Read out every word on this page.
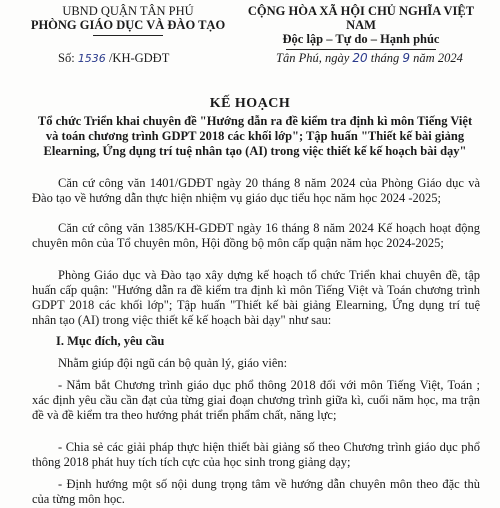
UBND QUẬN TÂN PHÚ
PHÒNG GIÁO DỤC VÀ ĐÀO TẠO
CỘNG HÒA XÃ HỘI CHỦ NGHĨA VIỆT NAM
Độc lập – Tự do – Hạnh phúc
Số: 1536 /KH-GDĐT	Tân Phú, ngày 20 tháng 9 năm 2024
KẾ HOẠCH
Tổ chức Triển khai chuyên đề "Hướng dẫn ra đề kiểm tra định kì môn Tiếng Việt và toán chương trình GDPT 2018 các khối lớp"; Tập huấn "Thiết kế bài giảng Elearning, Ứng dụng trí tuệ nhân tạo (AI) trong việc thiết kế kế hoạch bài dạy"
Căn cứ công văn 1401/GDĐT ngày 20 tháng 8 năm 2024 của Phòng Giáo dục và Đào tạo về hướng dẫn thực hiện nhiệm vụ giáo dục tiểu học năm học 2024 -2025;
Căn cứ công văn 1385/KH-GDĐT ngày 16 tháng 8 năm 2024 Kế hoạch hoạt động chuyên môn của Tổ chuyên môn, Hội đồng bộ môn cấp quận năm học 2024-2025;
Phòng Giáo dục và Đào tạo xây dựng kế hoạch tổ chức Triển khai chuyên đề, tập huấn cấp quận: "Hướng dẫn ra đề kiểm tra định kì môn Tiếng Việt và Toán chương trình GDPT 2018 các khối lớp"; Tập huấn "Thiết kế bài giảng Elearning, Ứng dụng trí tuệ nhân tạo (AI) trong việc thiết kế kế hoạch bài dạy" như sau:
I. Mục đích, yêu cầu
Nhằm giúp đội ngũ cán bộ quản lý, giáo viên:
- Nắm bắt Chương trình giáo dục phổ thông 2018 đối với môn Tiếng Việt, Toán ; xác định yêu cầu cần đạt của từng giai đoạn chương trình giữa kì, cuối năm học, ma trận đề và đề kiểm tra theo hướng phát triển phẩm chất, năng lực;
- Chia sẻ các giải pháp thực hiện thiết bài giảng số theo Chương trình giáo dục phổ thông 2018 phát huy tích tích cực của học sinh trong giảng dạy;
- Định hướng một số nội dung trọng tâm về hướng dẫn chuyên môn theo đặc thù của từng môn học.
